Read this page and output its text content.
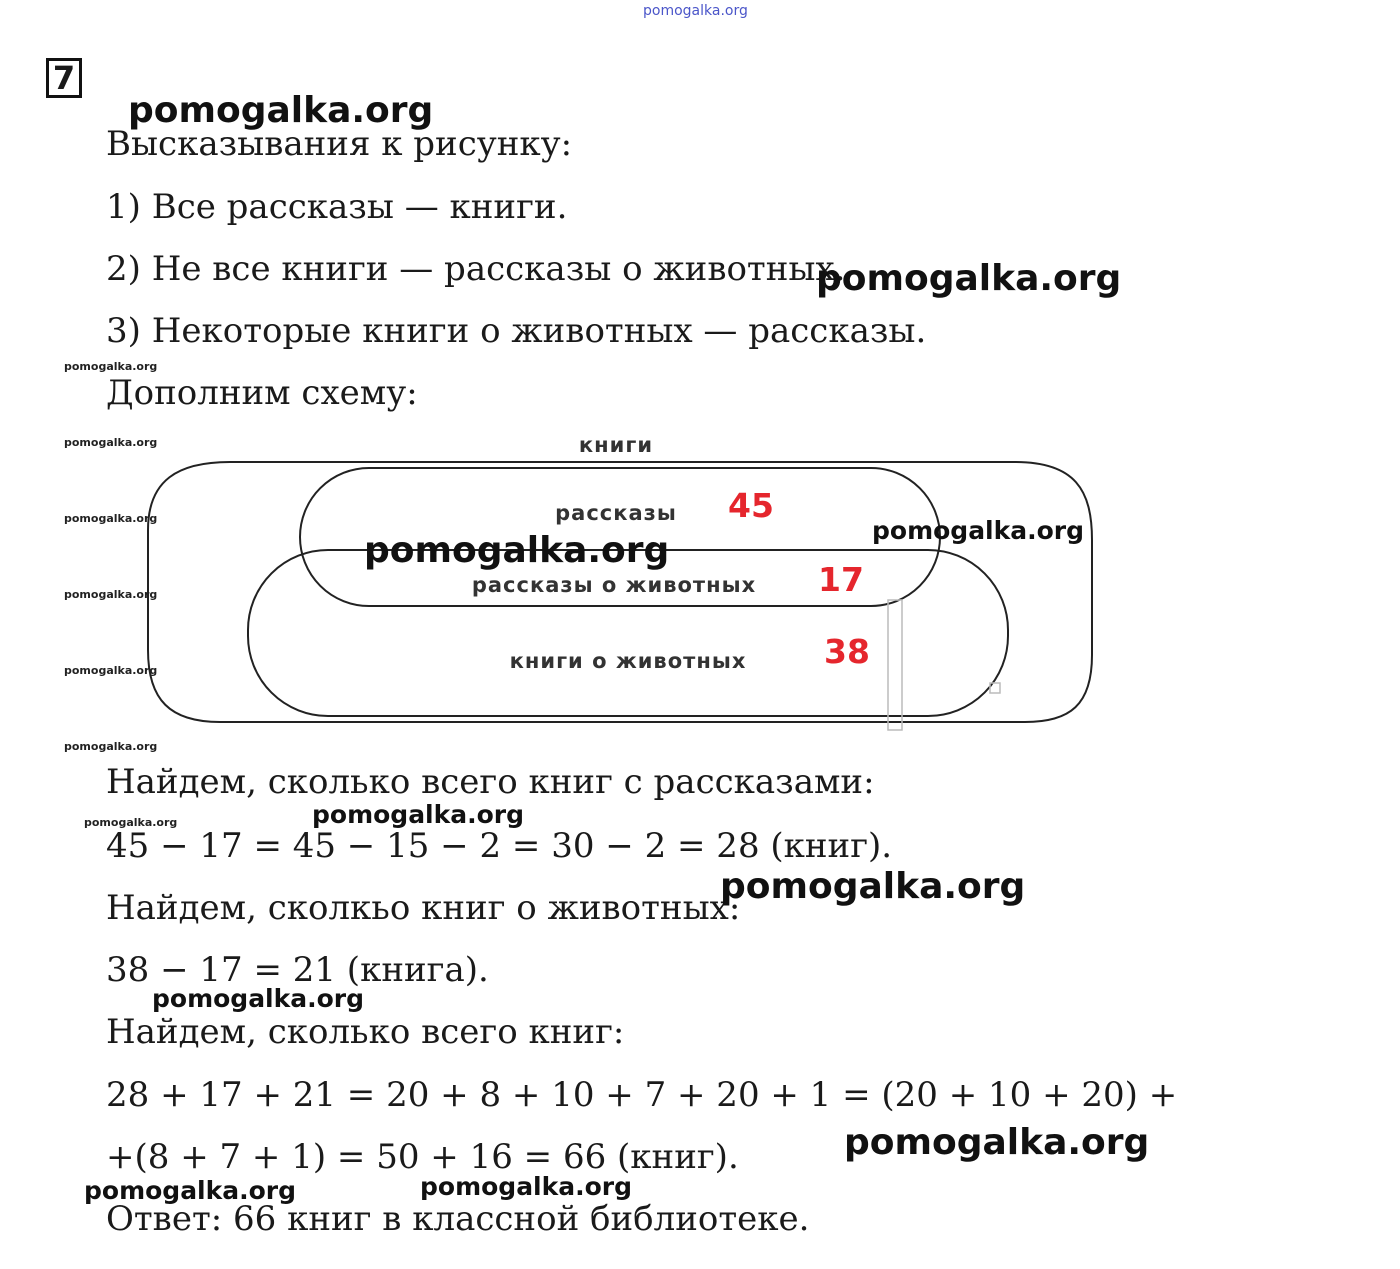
pomogalka.org
7
Высказывания к рисунку:
1) Все рассказы — книги.
2) Не все книги — рассказы о животных.
3) Некоторые книги о животных — рассказы.
Дополним схему:
книги
рассказы 45
рассказы о животных 17
книги о животных 38
Найдем, сколько всего книг с рассказами:
45 − 17 = 45 − 15 − 2 = 30 − 2 = 28 (книг).
Найдем, сколкьо книг о животных:
38 − 17 = 21 (книга).
Найдем, сколько всего книг:
28 + 17 + 21 = 20 + 8 + 10 + 7 + 20 + 1 = (20 + 10 + 20) +
+(8 + 7 + 1) = 50 + 16 = 66 (книг).
Ответ: 66 книг в классной библиотеке.
pomogalka.org
pomogalka.org
pomogalka.org
pomogalka.org
pomogalka.org
pomogalka.org
pomogalka.org
pomogalka.org
pomogalka.org	pomogalka.org
pomogalka.org
pomogalka.org
pomogalka.org
pomogalka.org
pomogalka.org
pomogalka.org
pomogalka.org
